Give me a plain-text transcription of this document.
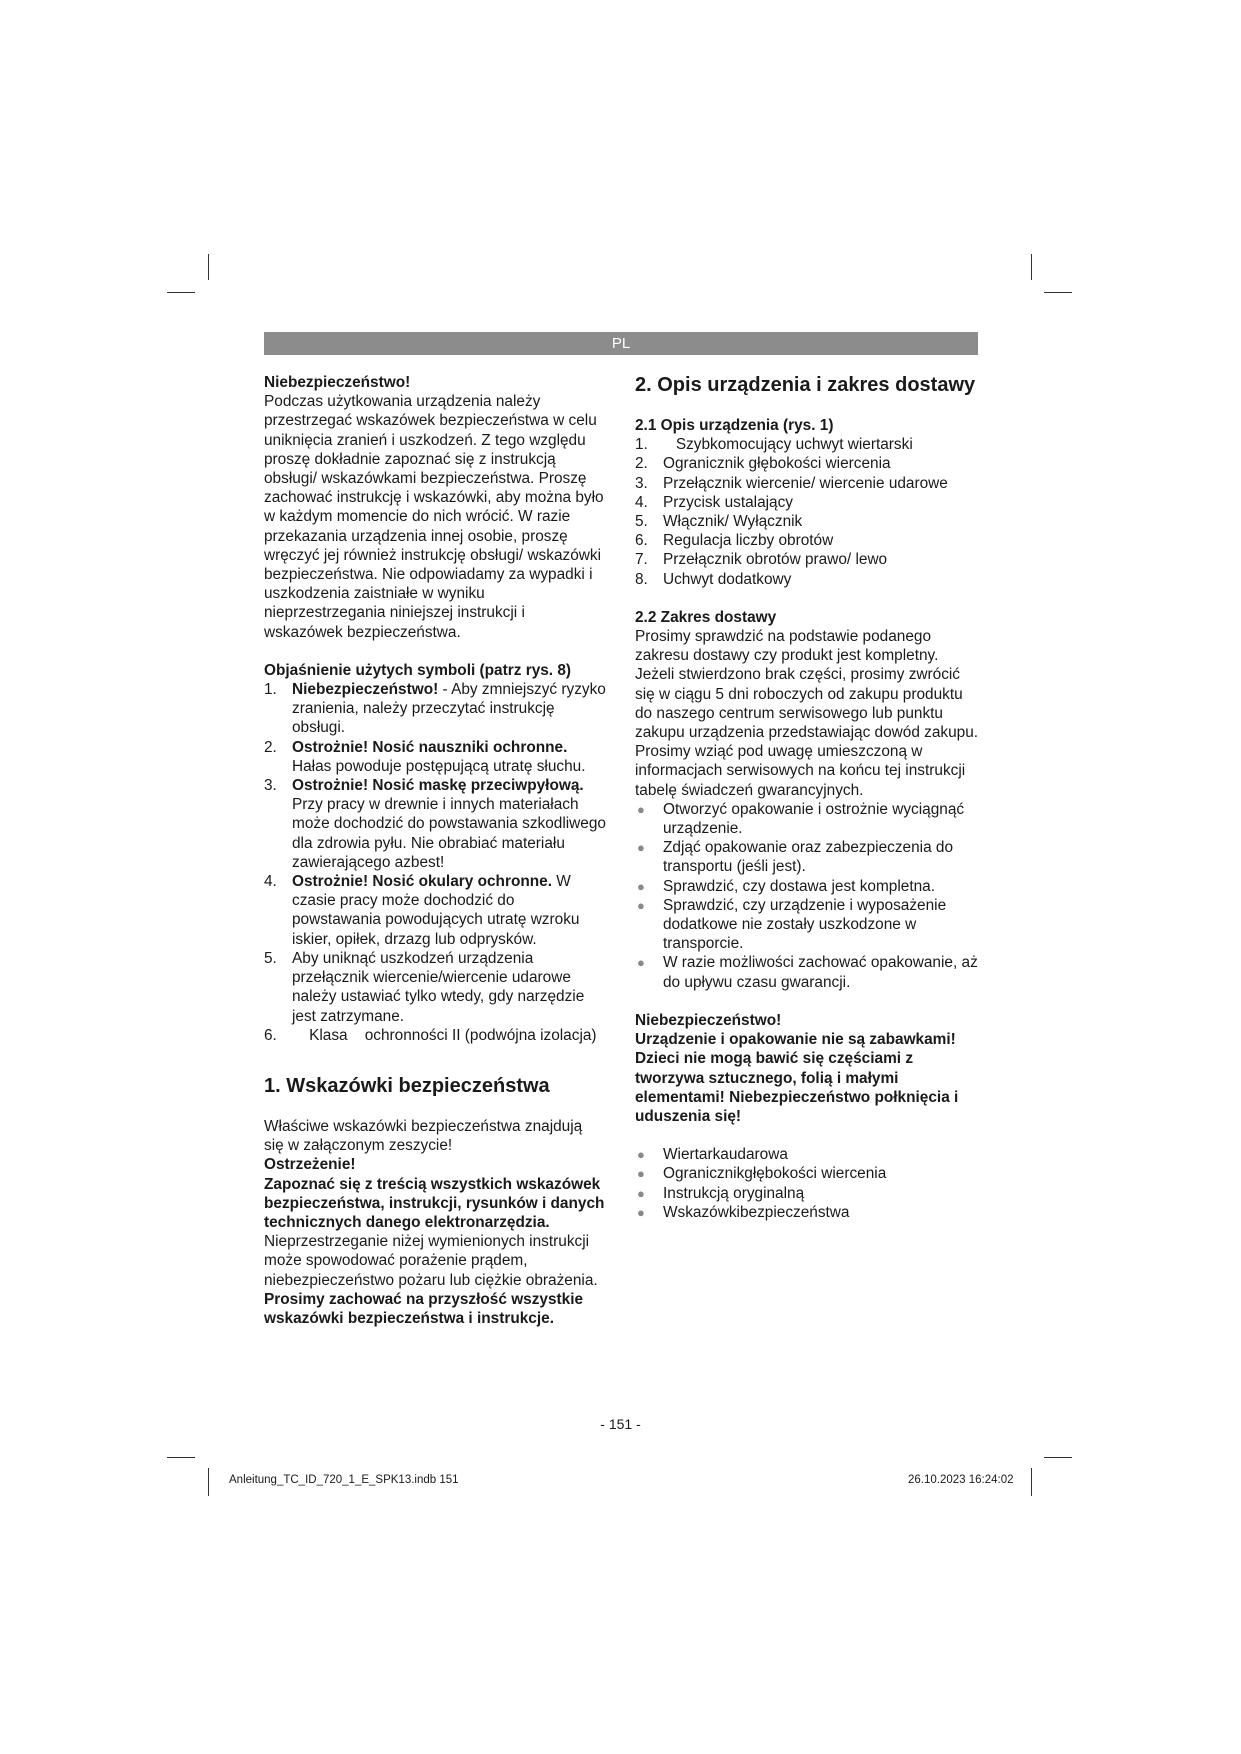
PL

Niebezpieczeństwo!

Podczas użytkowania urządzenia należy przestrzegać wskazówek bezpieczeństwa w celu uniknięcia zranień i uszkodzeń. Z tego względu proszę dokładnie zapoznać się z instrukcją obsługi/ wskazówkami bezpieczeństwa. Proszę zachować instrukcję i wskazówki, aby można było w każdym momencie do nich wrócić. W razie przekazania urządzenia innej osobie, proszę wręczyć jej również instrukcję obsługi/ wskazówki bezpieczeństwa. Nie odpowiadamy za wypadki i uszkodzenia zaistniałe w wyniku nieprzestrzegania niniejszej instrukcji i wskazówek bezpieczeństwa.

Objaśnienie użytych symboli (patrz rys. 8)

1. Niebezpieczeństwo! - Aby zmniejszyć ryzyko zranienia, należy przeczytać instrukcję obsługi.
2. Ostrożnie! Nosić nauszniki ochronne. Hałas powoduje postępującą utratę słuchu.
3. Ostrożnie! Nosić maskę przeciwpyłową. Przy pracy w drewnie i innych materiałach może dochodzić do powstawania szkodliwego dla zdrowia pyłu. Nie obrabiać materiału zawierającego azbest!
4. Ostrożnie! Nosić okulary ochronne. W czasie pracy może dochodzić do powstawania powodujących utratę wzroku iskier, opiłek, drzazg lub odprysków.
5. Aby uniknąć uszkodzeń urządzenia przełącznik wiercenie/wiercenie udarowe należy ustawiać tylko wtedy, gdy narzędzie jest zatrzymane.
6. Klasa    ochronności II (podwójna izolacja)

1. Wskazówki bezpieczeństwa

Właściwe wskazówki bezpieczeństwa znajdują się w załączonym zeszycie!

Ostrzeżenie!

Zapoznać się z treścią wszystkich wskazówek bezpieczeństwa, instrukcji, rysunków i danych technicznych danego elektronarzędzia. Nieprzestrzeganie niżej wymienionych instrukcji może spowodować porażenie prądem, niebezpieczeństwo pożaru lub ciężkie obrażenia.

Prosimy zachować na przyszłość wszystkie wskazówki bezpieczeństwa i instrukcje.

2. Opis urządzenia i zakres dostawy

2.1 Opis urządzenia (rys. 1)

1. Szybkomocujący uchwyt wiertarski
2. Ogranicznik głębokości wiercenia
3. Przełącznik wiercenie/ wiercenie udarowe
4. Przycisk ustalający
5. Włącznik/ Wyłącznik
6. Regulacja liczby obrotów
7. Przełącznik obrotów prawo/ lewo
8. Uchwyt dodatkowy

2.2 Zakres dostawy

Prosimy sprawdzić na podstawie podanego zakresu dostawy czy produkt jest kompletny. Jeżeli stwierdzono brak części, prosimy zwrócić się w ciągu 5 dni roboczych od zakupu produktu do naszego centrum serwisowego lub punktu zakupu urządzenia przedstawiając dowód zakupu. Prosimy wziąć pod uwagę umieszczoną w informacjach serwisowych na końcu tej instrukcji tabelę świadczeń gwarancyjnych.

●
Otworzyć opakowanie i ostrożnie wyciągnąć urządzenie.
●
Zdjąć opakowanie oraz zabezpieczenia do transportu (jeśli jest).
●
Sprawdzić, czy dostawa jest kompletna.
●
Sprawdzić, czy urządzenie i wyposażenie dodatkowe nie zostały uszkodzone w transporcie.
●
W razie możliwości zachować opakowanie, aż do upływu czasu gwarancji.

Niebezpieczeństwo!

Urządzenie i opakowanie nie są zabawkami! Dzieci nie mogą bawić się częściami z tworzywa sztucznego, folią i małymi elementami! Niebezpieczeństwo połknięcia i uduszenia się!

●
Wiertarkaudarowa
●
Ogranicznikgłębokości wiercenia
●
Instrukcją oryginalną
●
Wskazówkibezpieczeństwa
- 151 -
Anleitung_TC_ID_720_1_E_SPK13.indb 151	26.10.2023 16:24:02
